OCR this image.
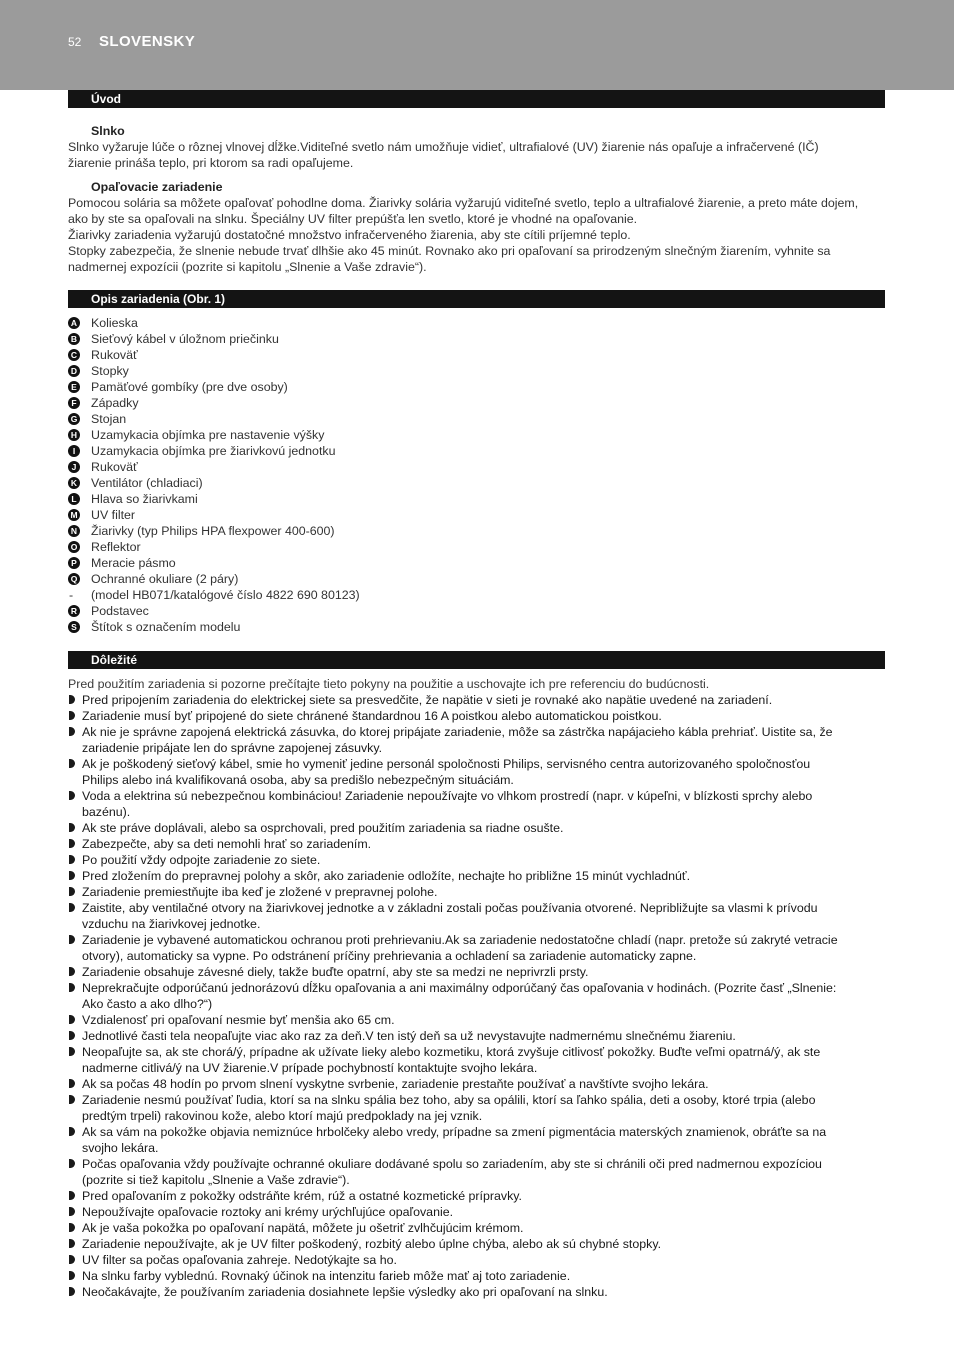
52 SLOVENSKY
Úvod
Slnko
Slnko vyžaruje lúče o rôznej vlnovej dĺžke.Viditeľné svetlo nám umožňuje vidieť, ultrafialové (UV) žiarenie nás opaľuje a infračervené (IČ)
žiarenie prináša teplo, pri ktorom sa radi opaľujeme.
Opaľovacie zariadenie
Pomocou solária sa môžete opaľovať pohodlne doma. Žiarivky solária vyžarujú viditeľné svetlo, teplo a ultrafialové žiarenie, a preto máte dojem,
ako by ste sa opaľovali na slnku. Špeciálny UV filter prepúšťa len svetlo, ktoré je vhodné na opaľovanie.
Žiarivky zariadenia vyžarujú dostatočné množstvo infračerveného žiarenia, aby ste cítili príjemné teplo.
Stopky zabezpečia, že slnenie nebude trvať dlhšie ako 45 minút. Rovnako ako pri opaľovaní sa prirodzeným slnečným žiarením, vyhnite sa
nadmernej expozícii (pozrite si kapitolu „Slnenie a Vaše zdravie“).
Opis zariadenia (Obr. 1)
A Kolieska
B Sieťový kábel v úložnom priečinku
C Rukoväť
D Stopky
E Pamäťové gombíky (pre dve osoby)
F Západky
G Stojan
H Uzamykacia objímka pre nastavenie výšky
I	Uzamykacia objímka pre žiarivkovú jednotku
J Rukoväť
K Ventilátor (chladiaci)
L Hlava so žiarivkami
M UV filter
N Žiarivky (typ Philips HPA flexpower 400-600)
O Reflektor
P Meracie pásmo
Q Ochranné okuliare (2 páry)
- (model HB071/katalógové číslo 4822 690 80123)
R Podstavec
S Štítok s označením modelu
Dôležité
Pred použitím zariadenia si pozorne prečítajte tieto pokyny na použitie a uschovajte ich pre referenciu do budúcnosti.
Pred pripojením zariadenia do elektrickej siete sa presvedčite, že napätie v sieti je rovnaké ako napätie uvedené na zariadení.
Zariadenie musí byť pripojené do siete chránené štandardnou 16 A poistkou alebo automatickou poistkou.
Ak nie je správne zapojená elektrická zásuvka, do ktorej pripájate zariadenie, môže sa zástrčka napájacieho kábla prehriať. Uistite sa, že
zariadenie pripájate len do správne zapojenej zásuvky.
Ak je poškodený sieťový kábel, smie ho vymeniť jedine personál spoločnosti Philips, servisného centra autorizovaného spoločnosťou
Philips alebo iná kvalifikovaná osoba, aby sa predišlo nebezpečným situáciám.
Voda a elektrina sú nebezpečnou kombináciou! Zariadenie nepoužívajte vo vlhkom prostredí (napr. v kúpeľni, v blízkosti sprchy alebo
bazénu).
Ak ste práve doplávali, alebo sa osprchovali, pred použitím zariadenia sa riadne osušte.
Zabezpečte, aby sa deti nemohli hrať so zariadením.
Po použití vždy odpojte zariadenie zo siete.
Pred zložením do prepravnej polohy a skôr, ako zariadenie odložíte, nechajte ho približne 15 minút vychladnúť.
Zariadenie premiestňujte iba keď je zložené v prepravnej polohe.
Zaistite, aby ventilačné otvory na žiarivkovej jednotke a v základni zostali počas používania otvorené. Nepribližujte sa vlasmi k prívodu
vzduchu na žiarivkovej jednotke.
Zariadenie je vybavené automatickou ochranou proti prehrievaniu.Ak sa zariadenie nedostatočne chladí (napr. pretože sú zakryté vetracie
otvory), automaticky sa vypne. Po odstránení príčiny prehrievania a ochladení sa zariadenie automaticky zapne.
Zariadenie obsahuje závesné diely, takže buďte opatrní, aby ste sa medzi ne neprivrzli prsty.
Neprekračujte odporúčanú jednorázovú dĺžku opaľovania a ani maximálny odporúčaný čas opaľovania v hodinách. (Pozrite časť „Slnenie:
Ako často a ako dlho?“)
Vzdialenosť pri opaľovaní nesmie byť menšia ako 65 cm.
Jednotlivé časti tela neopaľujte viac ako raz za deň.V ten istý deň sa už nevystavujte nadmernému slnečnému žiareniu.
Neopaľujte sa, ak ste chorá/ý, prípadne ak užívate lieky alebo kozmetiku, ktorá zvyšuje citlivosť pokožky. Buďte veľmi opatrná/ý, ak ste
nadmerne citlivá/ý na UV žiarenie.V prípade pochybností kontaktujte svojho lekára.
Ak sa počas 48 hodín po prvom slnení vyskytne svrbenie, zariadenie prestaňte používať a navštívte svojho lekára.
Zariadenie nesmú používať ľudia, ktorí sa na slnku spália bez toho, aby sa opálili, ktorí sa ľahko spália, deti a osoby, ktoré trpia (alebo
predtým trpeli) rakovinou kože, alebo ktorí majú predpoklady na jej vznik.
Ak sa vám na pokožke objavia nemiznúce hrbolčeky alebo vredy, prípadne sa zmení pigmentácia materských znamienok, obráťte sa na
svojho lekára.
Počas opaľovania vždy používajte ochranné okuliare dodávané spolu so zariadením, aby ste si chránili oči pred nadmernou expozíciou
(pozrite si tiež kapitolu „Slnenie a Vaše zdravie“).
Pred opaľovaním z pokožky odstráňte krém, rúž a ostatné kozmetické prípravky.
Nepoužívajte opaľovacie roztoky ani krémy urýchľujúce opaľovanie.
Ak je vaša pokožka po opaľovaní napätá, môžete ju ošetriť zvlhčujúcim krémom.
Zariadenie nepoužívajte, ak je UV filter poškodený, rozbitý alebo úplne chýba, alebo ak sú chybné stopky.
UV filter sa počas opaľovania zahreje. Nedotýkajte sa ho.
Na slnku farby vyblednú. Rovnaký účinok na intenzitu farieb môže mať aj toto zariadenie.
Neočakávajte, že používaním zariadenia dosiahnete lepšie výsledky ako pri opaľovaní na slnku.
